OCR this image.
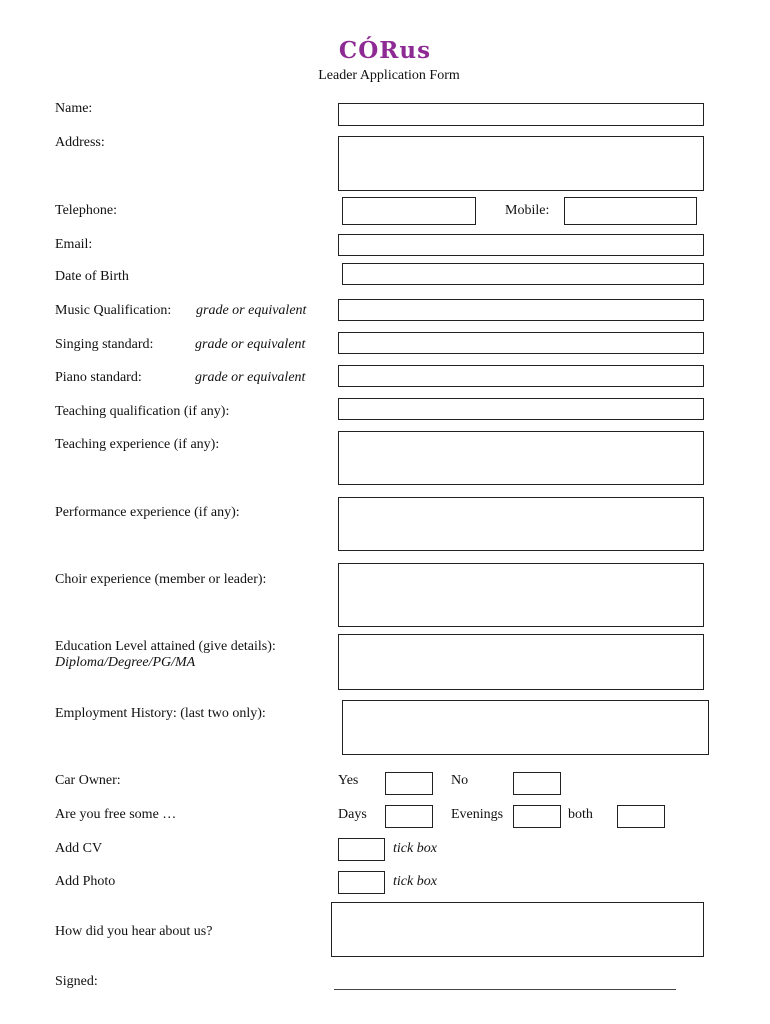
CÓRus
Leader Application Form
Name:
Address:
Telephone:	Mobile:
Email:
Date of Birth
Music Qualification: grade or equivalent
Singing standard:	grade or equivalent
Piano standard:	grade or equivalent
Teaching qualification (if any):
Teaching experience (if any):
Performance experience (if any):
Choir experience (member or leader):
Education Level attained (give details):
Diploma/Degree/PG/MA
Employment History: (last two only):
Car Owner:	Yes	No
Are you free some …	Days	Evenings	both
Add CV	tick box
Add Photo	tick box
How did you hear about us?
Signed:
